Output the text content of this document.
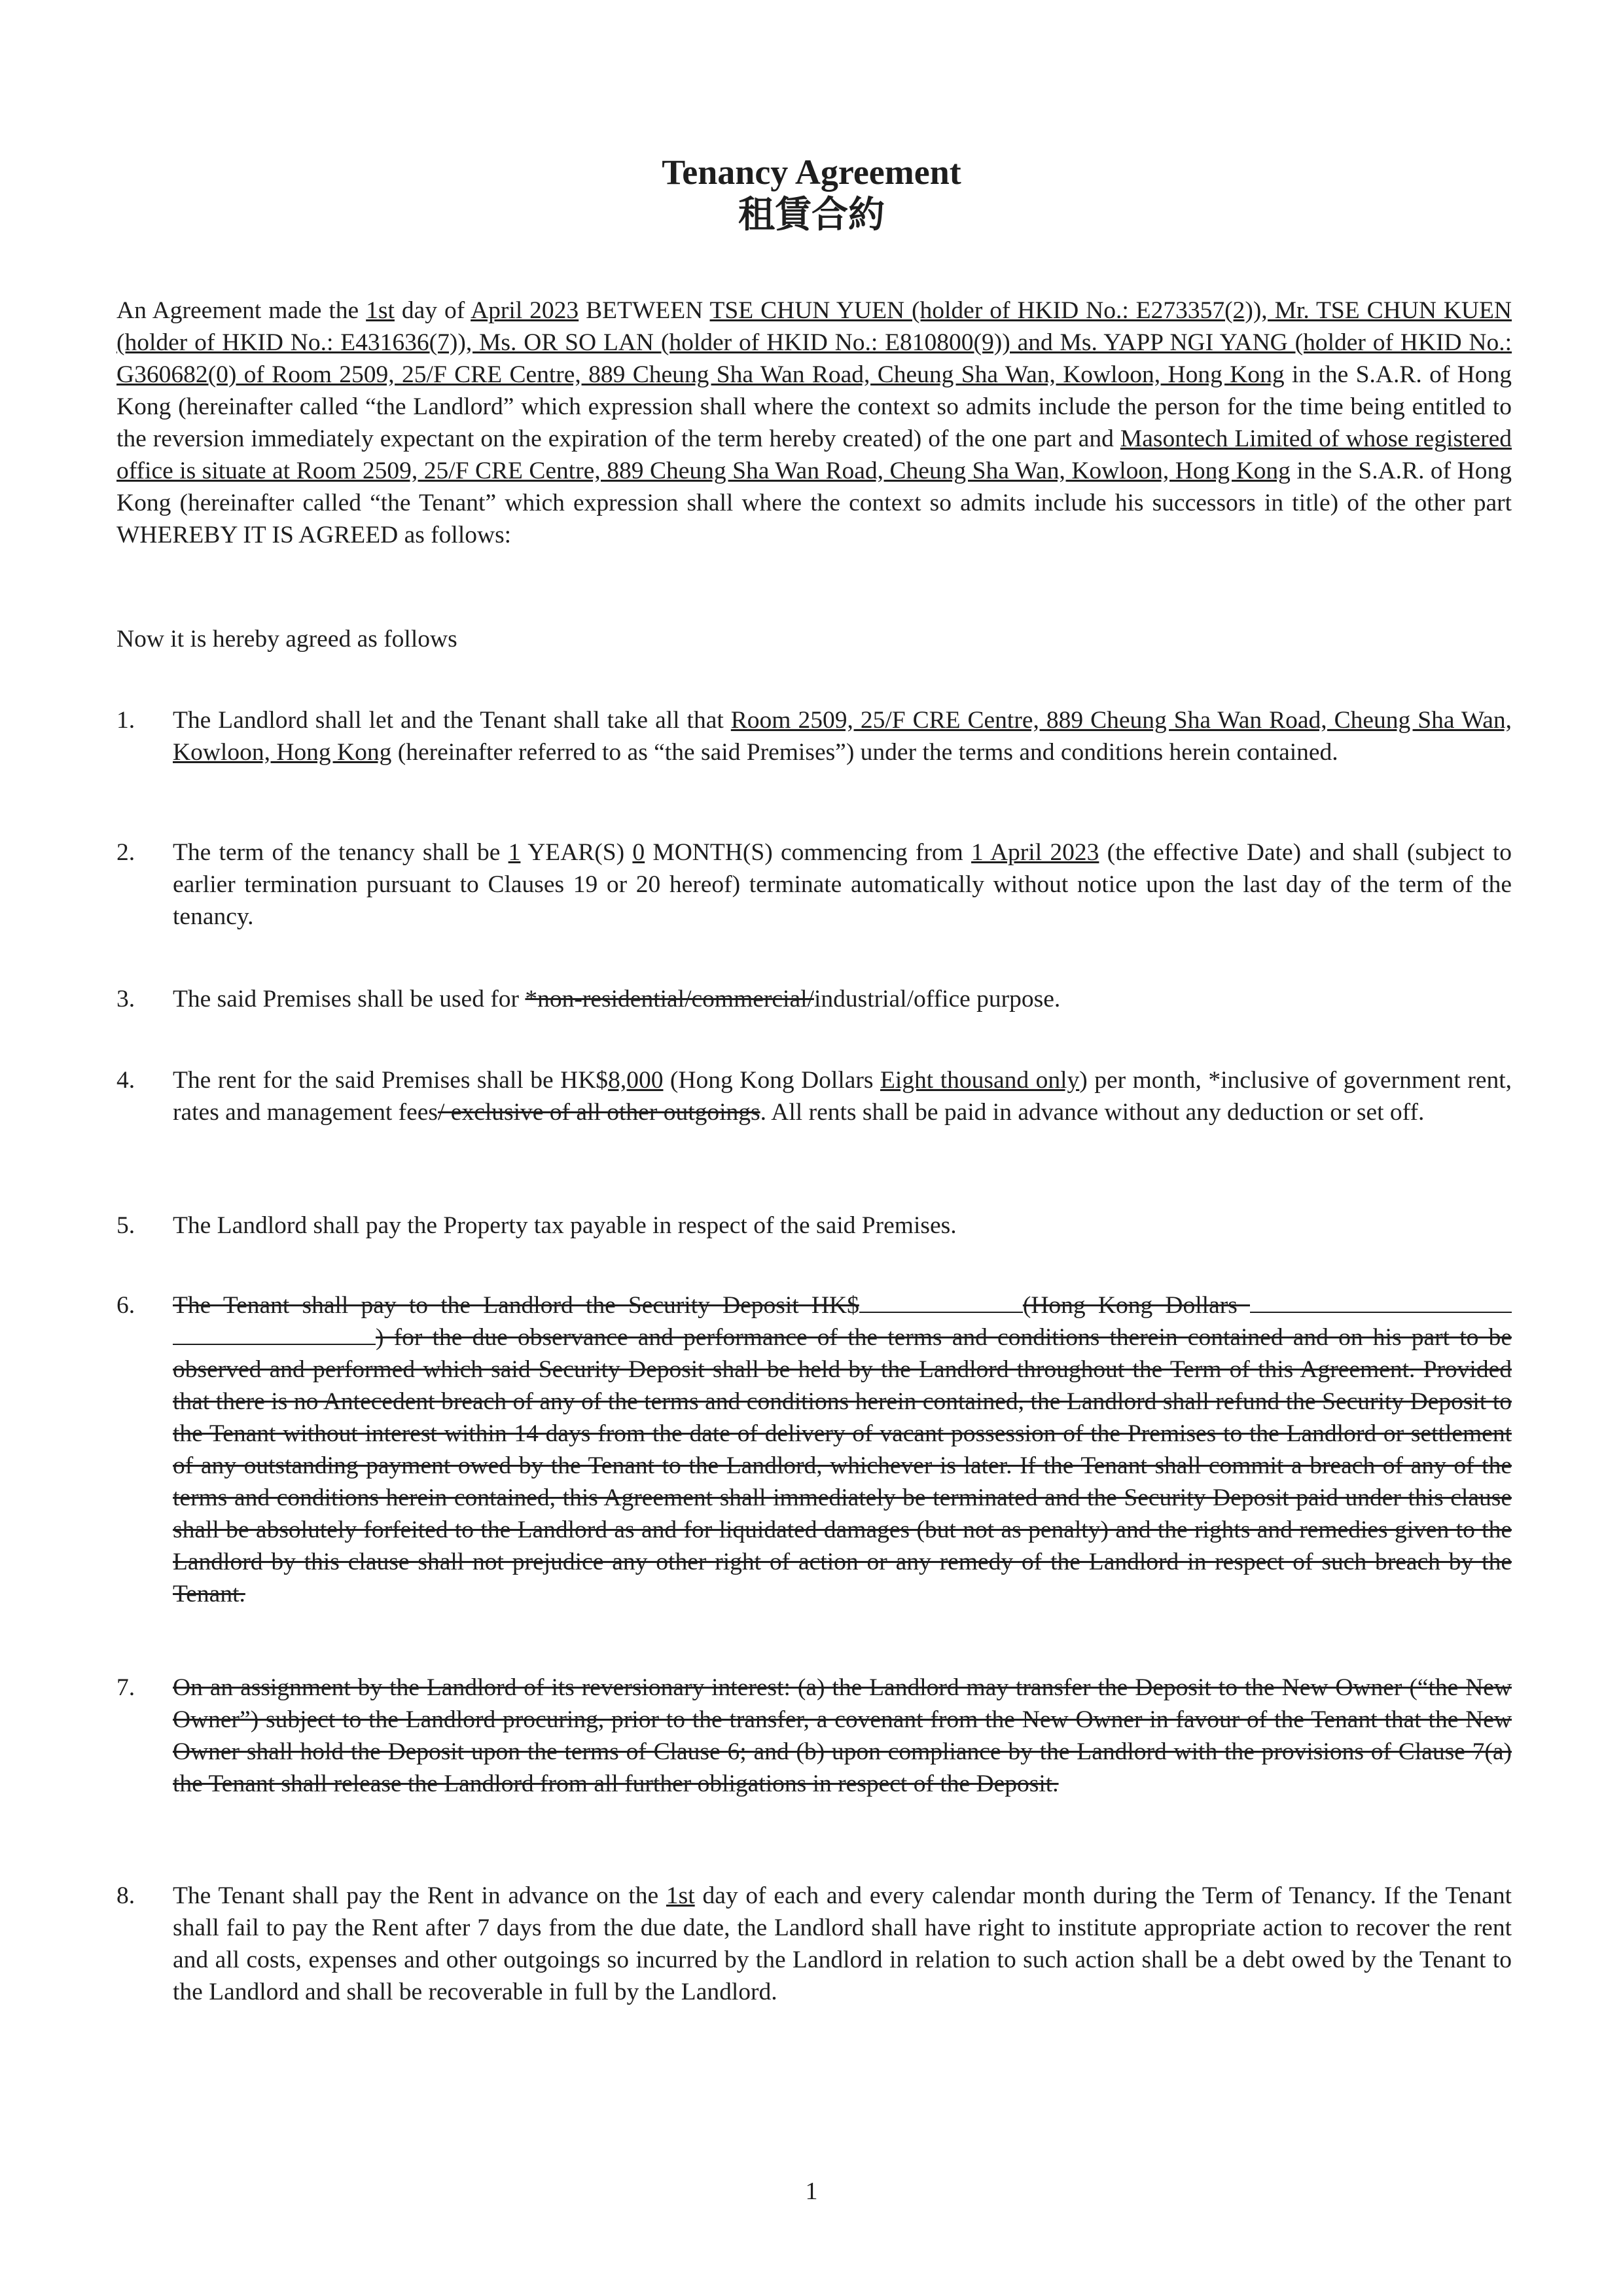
Tenancy Agreement
租賃合約
An Agreement made the 1st day of April 2023 BETWEEN TSE CHUN YUEN (holder of HKID No.: E273357(2)), Mr. TSE CHUN KUEN (holder of HKID No.: E431636(7)), Ms. OR SO LAN (holder of HKID No.: E810800(9)) and Ms. YAPP NGI YANG (holder of HKID No.: G360682(0) of Room 2509, 25/F CRE Centre, 889 Cheung Sha Wan Road, Cheung Sha Wan, Kowloon, Hong Kong in the S.A.R. of Hong Kong (hereinafter called “the Landlord” which expression shall where the context so admits include the person for the time being entitled to the reversion immediately expectant on the expiration of the term hereby created) of the one part and Masontech Limited of whose registered office is situate at Room 2509, 25/F CRE Centre, 889 Cheung Sha Wan Road, Cheung Sha Wan, Kowloon, Hong Kong in the S.A.R. of Hong Kong (hereinafter called “the Tenant” which expression shall where the context so admits include his successors in title) of the other part WHEREBY IT IS AGREED as follows:
Now it is hereby agreed as follows
1.	The Landlord shall let and the Tenant shall take all that Room 2509, 25/F CRE Centre, 889 Cheung Sha Wan Road, Cheung Sha Wan, Kowloon, Hong Kong (hereinafter referred to as “the said Premises”) under the terms and conditions herein contained.
2.	The term of the tenancy shall be 1 YEAR(S) 0 MONTH(S) commencing from 1 April 2023 (the effective Date) and shall (subject to earlier termination pursuant to Clauses 19 or 20 hereof) terminate automatically without notice upon the last day of the term of the tenancy.
3.	The said Premises shall be used for *non-residential/commercial/industrial/office purpose.
4.	The rent for the said Premises shall be HK$8,000 (Hong Kong Dollars Eight thousand only) per month, *inclusive of government rent, rates and management fees/ exclusive of all other outgoings. All rents shall be paid in advance without any deduction or set off.
5.	The Landlord shall pay the Property tax payable in respect of the said Premises.
6.	The Tenant shall pay to the Landlord the Security Deposit HK$	(Hong Kong Dollars  ) for the due observance and performance of the terms and conditions therein contained and on his part to be observed and performed which said Security Deposit shall be held by the Landlord throughout the Term of this Agreement. Provided that there is no Antecedent breach of any of the terms and conditions herein contained, the Landlord shall refund the Security Deposit to the Tenant without interest within 14 days from the date of delivery of vacant possession of the Premises to the Landlord or settlement of any outstanding payment owed by the Tenant to the Landlord, whichever is later. If the Tenant shall commit a breach of any of the terms and conditions herein contained, this Agreement shall immediately be terminated and the Security Deposit paid under this clause shall be absolutely forfeited to the Landlord as and for liquidated damages (but not as penalty) and the rights and remedies given to the Landlord by this clause shall not prejudice any other right of action or any remedy of the Landlord in respect of such breach by the Tenant.
7.	On an assignment by the Landlord of its reversionary interest: (a) the Landlord may transfer the Deposit to the New Owner (“the New Owner”) subject to the Landlord procuring, prior to the transfer, a covenant from the New Owner in favour of the Tenant that the New Owner shall hold the Deposit upon the terms of Clause 6; and (b) upon compliance by the Landlord with the provisions of Clause 7(a) the Tenant shall release the Landlord from all further obligations in respect of the Deposit.
8.	The Tenant shall pay the Rent in advance on the 1st day of each and every calendar month during the Term of Tenancy. If the Tenant shall fail to pay the Rent after 7 days from the due date, the Landlord shall have right to institute appropriate action to recover the rent and all costs, expenses and other outgoings so incurred by the Landlord in relation to such action shall be a debt owed by the Tenant to the Landlord and shall be recoverable in full by the Landlord.
1
